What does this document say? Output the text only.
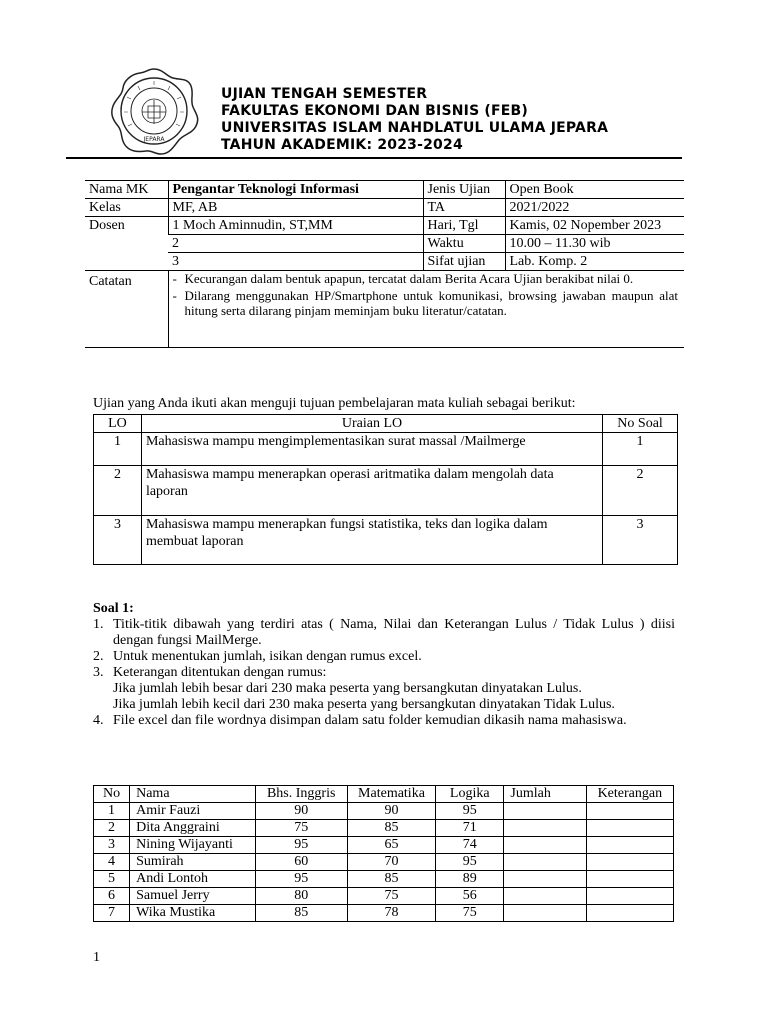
JEPARA
UJIAN TENGAH SEMESTER
FAKULTAS EKONOMI DAN BISNIS (FEB)
UNIVERSITAS ISLAM NAHDLATUL ULAMA JEPARA
TAHUN AKADEMIK: 2023-2024
Nama MK	Pengantar Teknologi Informasi	Jenis Ujian	Open Book
Kelas	MF, AB	TA	2021/2022
Dosen	1 Moch Aminnudin, ST,MM	Hari, Tgl	Kamis, 02 Nopember 2023
	2	Waktu	10.00 – 11.30 wib
	3	Sifat ujian	Lab. Komp. 2
Catatan	- Kecurangan dalam bentuk apapun, tercatat dalam Berita Acara Ujian berakibat nilai 0.
- Dilarang menggunakan HP/Smartphone untuk komunikasi, browsing jawaban maupun alat hitung serta dilarang pinjam meminjam buku literatur/catatan.		
Ujian yang Anda ikuti akan menguji tujuan pembelajaran mata kuliah sebagai berikut:
LO	Uraian LO	No Soal
1	Mahasiswa mampu mengimplementasikan surat massal /Mailmerge	1
2	Mahasiswa mampu menerapkan operasi aritmatika dalam mengolah data laporan	2
3	Mahasiswa mampu menerapkan fungsi statistika, teks dan logika dalam membuat laporan	3
Soal 1:
1. Titik-titik dibawah yang terdiri atas ( Nama, Nilai dan Keterangan Lulus / Tidak Lulus ) diisi dengan fungsi MailMerge.
2. Untuk menentukan jumlah, isikan dengan rumus excel.
3. Keterangan ditentukan dengan rumus:
Jika jumlah lebih besar dari 230 maka peserta yang bersangkutan dinyatakan Lulus.
Jika jumlah lebih kecil dari 230 maka peserta yang bersangkutan dinyatakan Tidak Lulus.
4. File excel dan file wordnya disimpan dalam satu folder kemudian dikasih nama mahasiswa.
No	Nama	Bhs. Inggris	Matematika	Logika	Jumlah	Keterangan
1	Amir Fauzi	90	90	95		
2	Dita Anggraini	75	85	71		
3	Nining Wijayanti	95	65	74		
4	Sumirah	60	70	95		
5	Andi Lontoh	95	85	89		
6	Samuel Jerry	80	75	56		
7	Wika Mustika	85	78	75		
1
